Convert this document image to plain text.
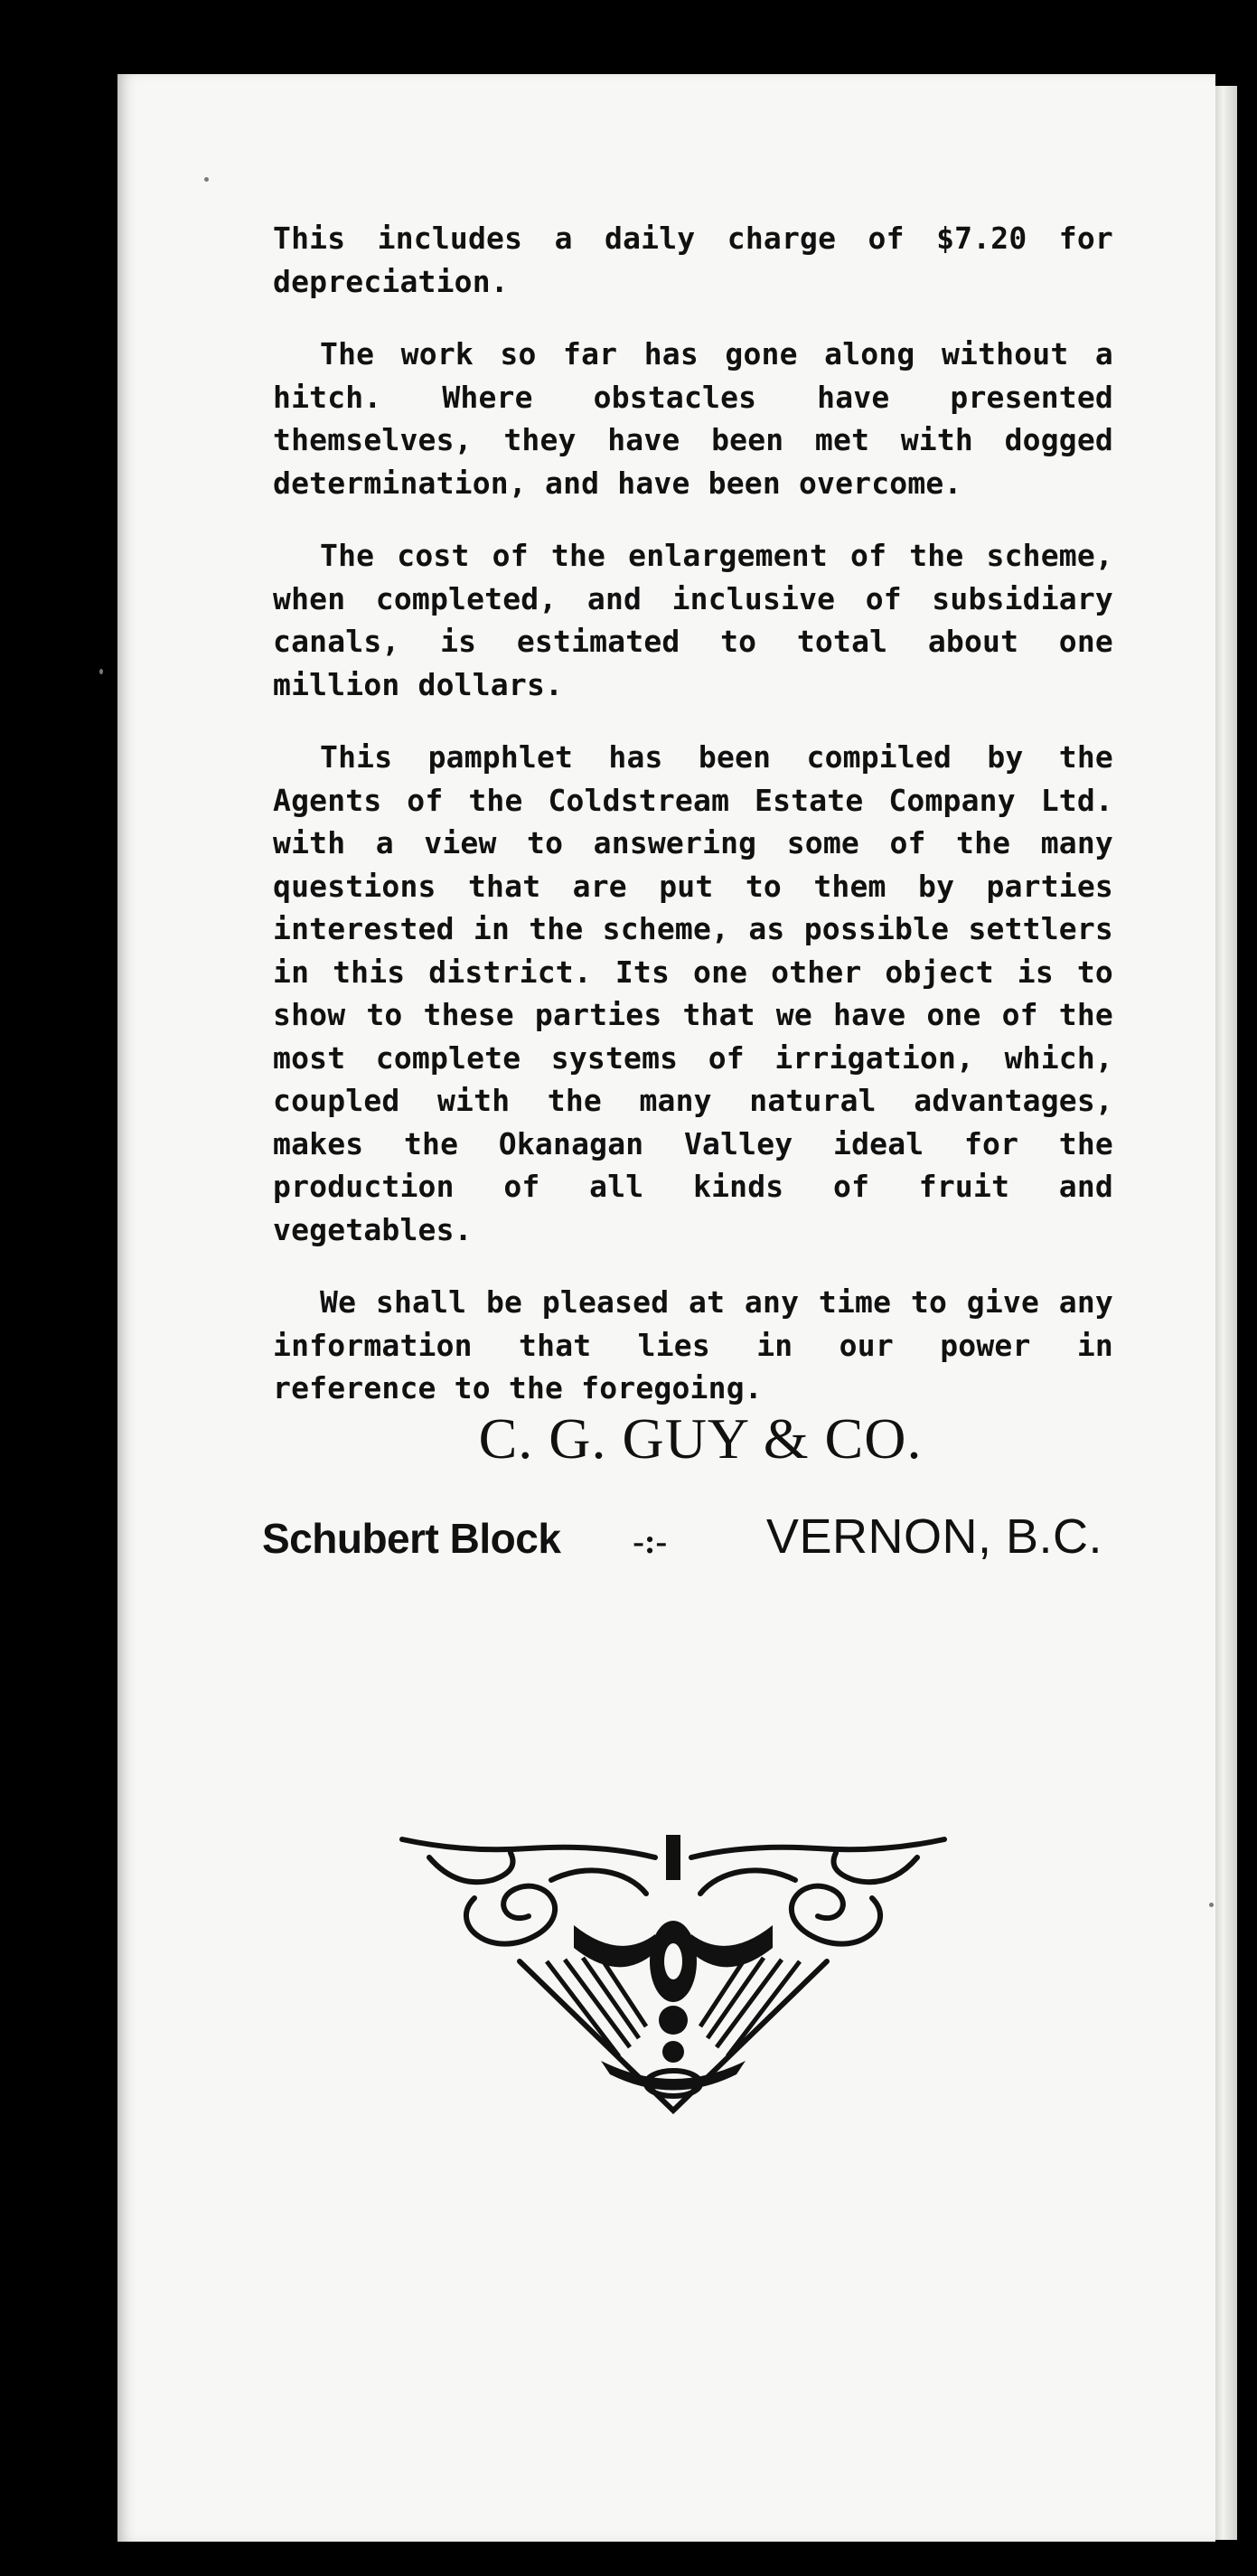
This includes a daily charge of $7.20 for depreciation.

The work so far has gone along without a hitch. Where obstacles have presented themselves, they have been met with dogged determination, and have been overcome.

The cost of the enlargement of the scheme, when completed, and inclusive of subsidiary canals, is estimated to total about one million dollars.

This pamphlet has been compiled by the Agents of the Coldstream Estate Company Ltd. with a view to answering some of the many questions that are put to them by parties interested in the scheme, as possible settlers in this district. Its one other object is to show to these parties that we have one of the most complete systems of irrigation, which, coupled with the many natural advantages, makes the Okanagan Valley ideal for the production of all kinds of fruit and vegetables.

We shall be pleased at any time to give any information that lies in our power in reference to the foregoing.

C. G. GUY & CO.
Schubert Block -:- VERNON, B.C.
